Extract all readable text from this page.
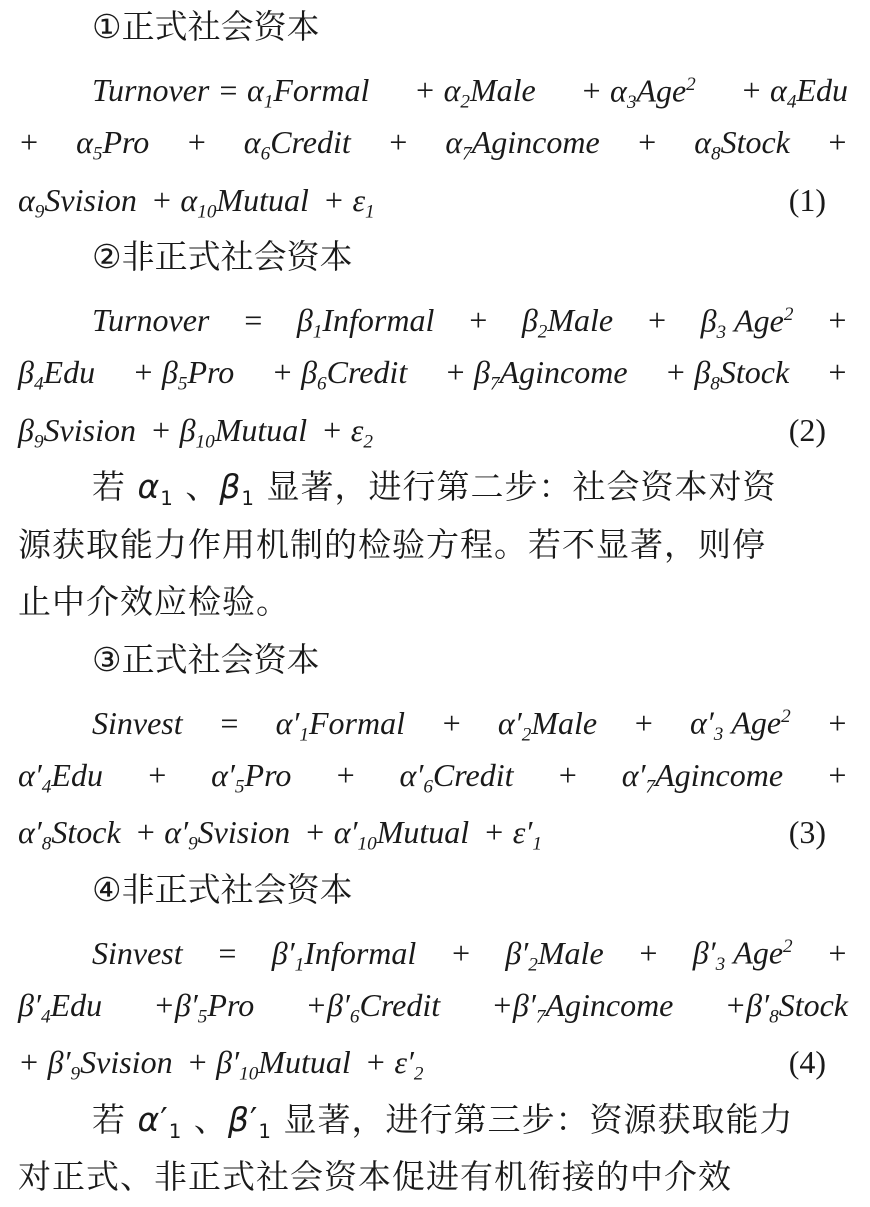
①正式社会资本
Turnover = $\alpha_1Formal$ + $\alpha_2Male + \alpha_3Age^2 + \alpha_4Edu$
+ $\alpha_5Pro$ + $\alpha_6Credit$ + $\alpha_7Agincome$ + $\alpha_8Stock$ +
$\alpha_9Svision$ + $\alpha_{10}Mutual + \varepsilon_1$	(1)
②非正式社会资本
Turnover = $\beta_1Informal$ + $\beta_2Male + \beta_3$ Age$^2$ +
$\beta_4Edu + \beta_5Pro$ + $\beta_6Credit$ + $\beta_7Agincome$ + $\beta_8Stock$ +
$\beta_9Svision$ + $\beta_{10}Mutual + \varepsilon_2$	(2)
若 $\alpha_1$ 、$\beta_1$ 显著，进行第二步：社会资本对资
源获取能力作用机制的检验方程。若不显著，则停
止中介效应检验。
③正式社会资本
Sinvest = $\alpha'_1Formal$ + $\alpha'_2Male + \alpha'_3$ Age$^2$ +
$\alpha'_4Edu + \alpha'_5Pro$ + $\alpha'_6Credit$ + $\alpha'_7Agincome$ +
$\alpha'_8Stock$ + $\alpha'_9Svision$ + $\alpha'_{10}Mutual + \varepsilon'_1$	(3)
④非正式社会资本
Sinvest = $\beta'_1Informal$ + $\beta'_2Male + \beta'_3$ Age$^2$ +
$\beta'_4Edu +\beta'_5Pro$ $+\beta'_6Credit$ $+\beta'_7Agincome$ $+\beta'_8Stock$
+ $\beta'_9Svision$ + $\beta'_{10}Mutual + \varepsilon'_2$	(4)
若 $\alpha'_1$ 、$\beta'_1$ 显著，进行第三步：资源获取能力
对正式、非正式社会资本促进有机衔接的中介效
